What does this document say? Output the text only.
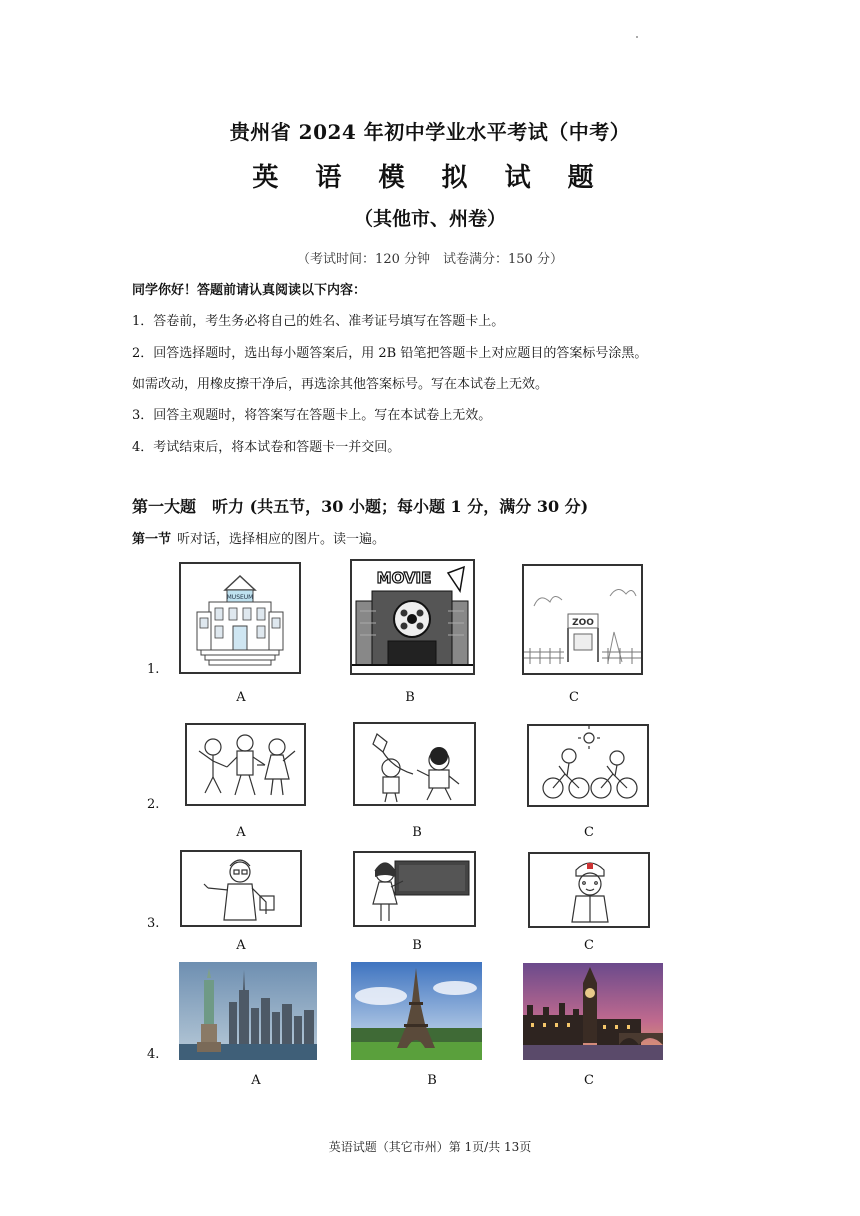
贵州省 2024 年初中学业水平考试（中考）
英 语 模 拟 试 题
（其他市、州卷）
（考试时间：120 分钟　试卷满分：150 分）
同学你好！答题前请认真阅读以下内容：
1．答卷前，考生务必将自己的姓名、准考证号填写在答题卡上。
2．回答选择题时，选出每小题答案后，用 2B 铅笔把答题卡上对应题目的答案标号涂黑。
如需改动，用橡皮擦干净后，再选涂其他答案标号。写在本试卷上无效。
3．回答主观题时，将答案写在答题卡上。写在本试卷上无效。
4．考试结束后，将本试卷和答题卡一并交回。
第一大题　听力 (共五节，30 小题；每小题 1 分，满分 30 分)
第一节 听对话，选择相应的图片。读一遍。
1.
MUSEUM
A
MOVIE
B
ZOO
C
2.
A	B	C
3.
A	B	C
4.
A	B	C
英语试题（其它市州）第 1页/共 13页
